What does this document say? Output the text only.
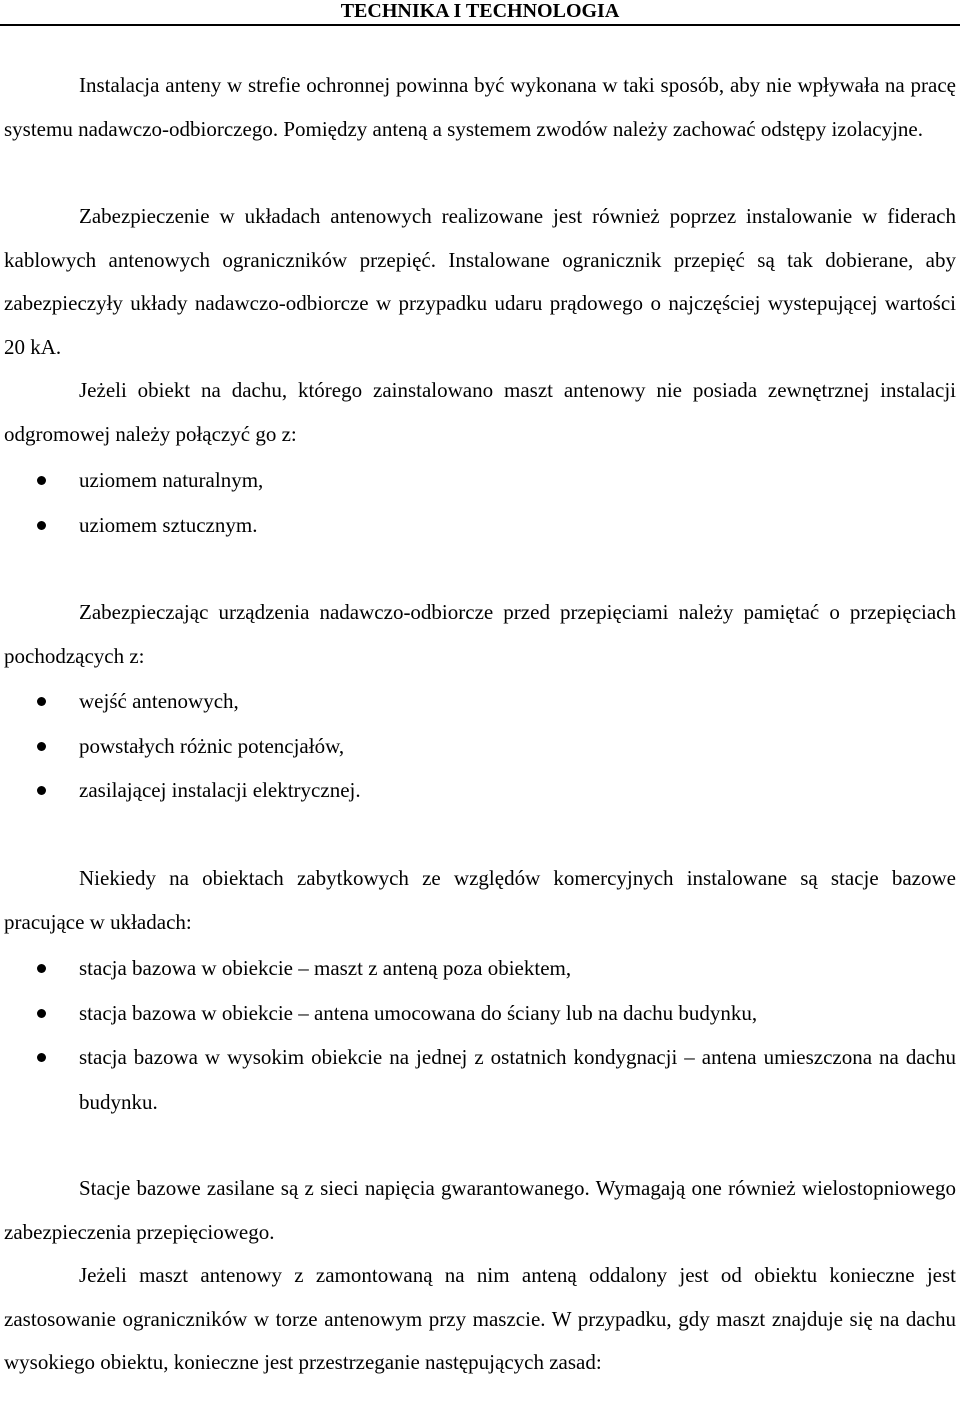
TECHNIKA I TECHNOLOGIA

Instalacja anteny w strefie ochronnej powinna być wykonana w taki sposób, aby nie wpływała na pracę systemu nadawczo-odbiorczego. Pomiędzy anteną a systemem zwodów należy zachować odstępy izolacyjne.

Zabezpieczenie w układach antenowych realizowane jest również poprzez instalowanie w fiderach kablowych antenowych ograniczników przepięć. Instalowane ogranicznik przepięć są tak dobierane, aby zabezpieczyły układy nadawczo-odbiorcze w przypadku udaru prądowego o najczęściej wystepującej wartości 20 kA.

Jeżeli obiekt na dachu, którego zainstalowano maszt antenowy nie posiada zewnętrznej instalacji odgromowej należy połączyć go z:

uziomem naturalnym,
uziomem sztucznym.

Zabezpieczając urządzenia nadawczo-odbiorcze przed przepięciami należy pamiętać o przepięciach pochodzących z:

wejść antenowych,
powstałych różnic potencjałów,
zasilającej instalacji elektrycznej.

Niekiedy na obiektach zabytkowych ze względów komercyjnych instalowane są stacje bazowe pracujące w układach:

stacja bazowa w obiekcie – maszt z anteną poza obiektem,
stacja bazowa w obiekcie – antena umocowana do ściany lub na dachu budynku,
stacja bazowa w wysokim obiekcie na jednej z ostatnich kondygnacji – antena umieszczona na dachu budynku.

Stacje bazowe zasilane są z sieci napięcia gwarantowanego. Wymagają one również wielostopniowego zabezpieczenia przepięciowego.

Jeżeli maszt antenowy z zamontowaną na nim anteną oddalony jest od obiektu konieczne jest zastosowanie ograniczników w torze antenowym przy maszcie. W przypadku, gdy maszt znajduje się na dachu wysokiego obiektu, konieczne jest przestrzeganie następujących zasad:
